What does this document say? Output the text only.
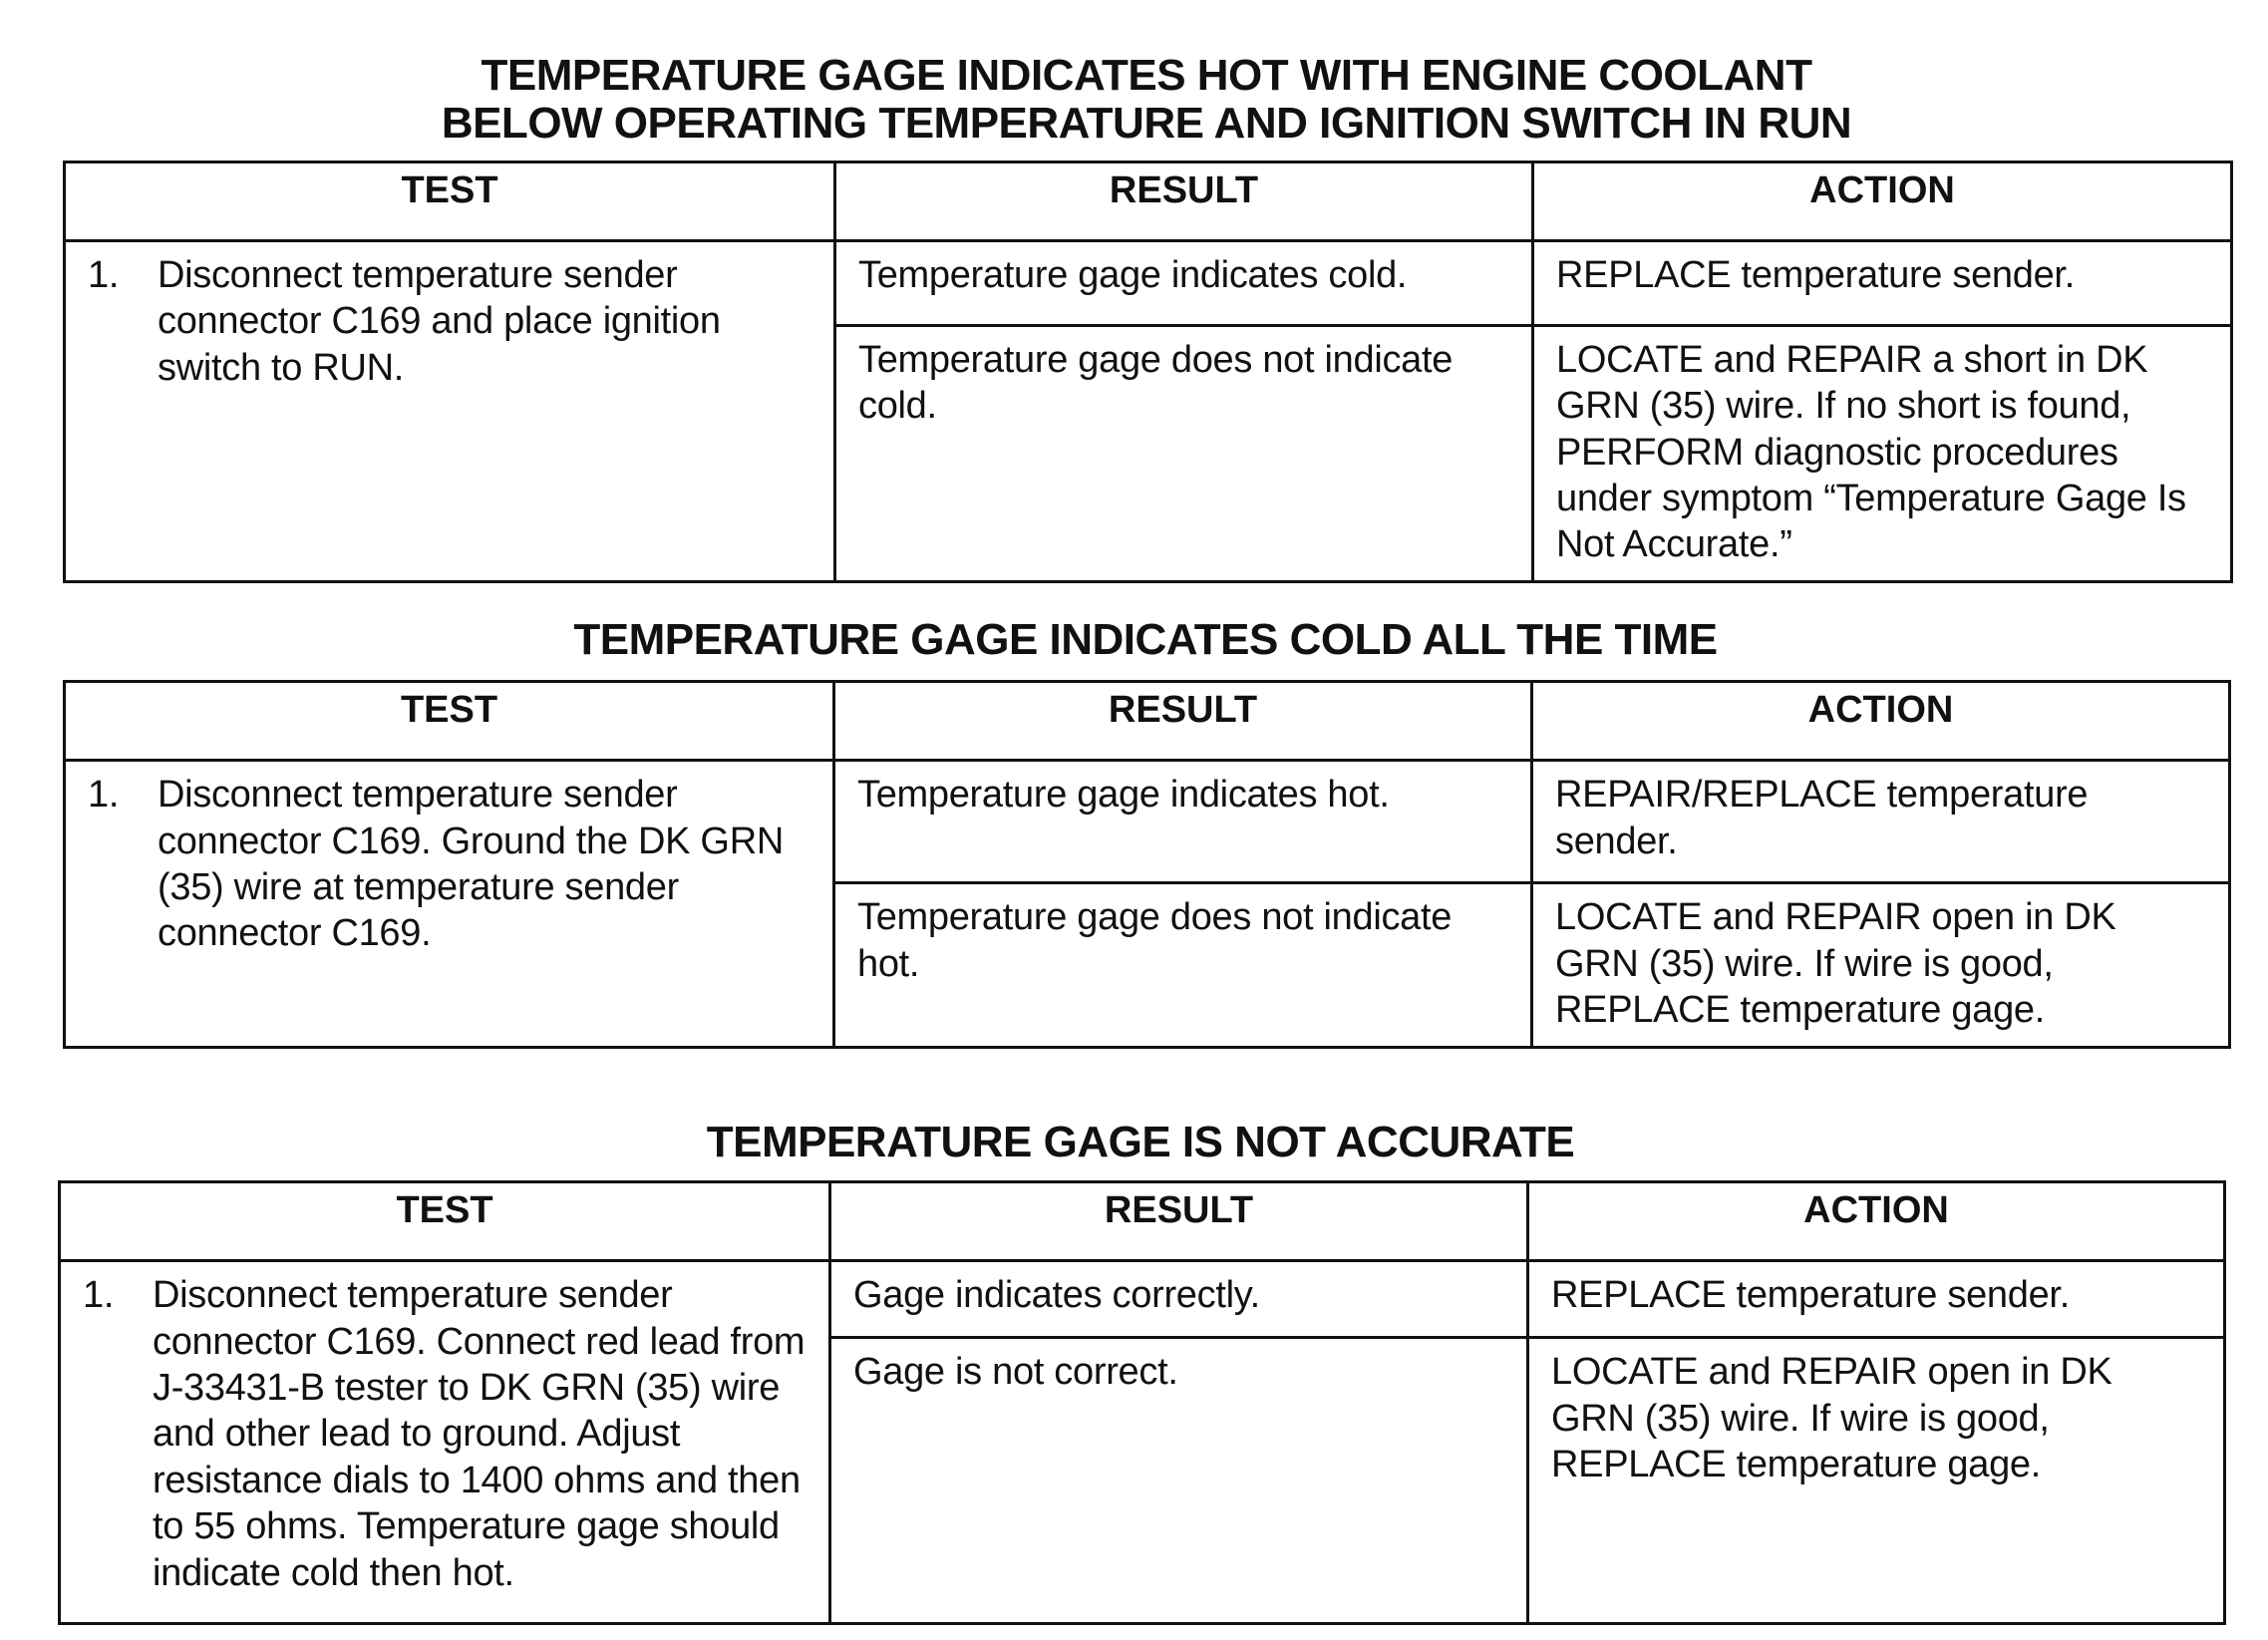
TEMPERATURE GAGE INDICATES HOT WITH ENGINE COOLANT
BELOW OPERATING TEMPERATURE AND IGNITION SWITCH IN RUN
TEST	RESULT	ACTION

1. Disconnect temperature sender connector C169 and place ignition switch to RUN.	Temperature gage indicates cold.	REPLACE temperature sender.
	Temperature gage does not indicate cold.	LOCATE and REPAIR a short in DK GRN (35) wire. If no short is found, PERFORM diagnostic procedures under symptom “Temperature Gage Is Not Accurate.”
TEMPERATURE GAGE INDICATES COLD ALL THE TIME
TEST	RESULT	ACTION

1. Disconnect temperature sender connector C169. Ground the DK GRN (35) wire at temperature sender connector C169.	Temperature gage indicates hot.	REPAIR/REPLACE temperature sender.
	Temperature gage does not indicate hot.	LOCATE and REPAIR open in DK GRN (35) wire. If wire is good, REPLACE temperature gage.
TEMPERATURE GAGE IS NOT ACCURATE
TEST	RESULT	ACTION

1. Disconnect temperature sender connector C169. Connect red lead from J-33431-B tester to DK GRN (35) wire and other lead to ground. Adjust resistance dials to 1400 ohms and then to 55 ohms. Temperature gage should indicate cold then hot.	Gage indicates correctly.	REPLACE temperature sender.
	Gage is not correct.	LOCATE and REPAIR open in DK GRN (35) wire. If wire is good, REPLACE temperature gage.
